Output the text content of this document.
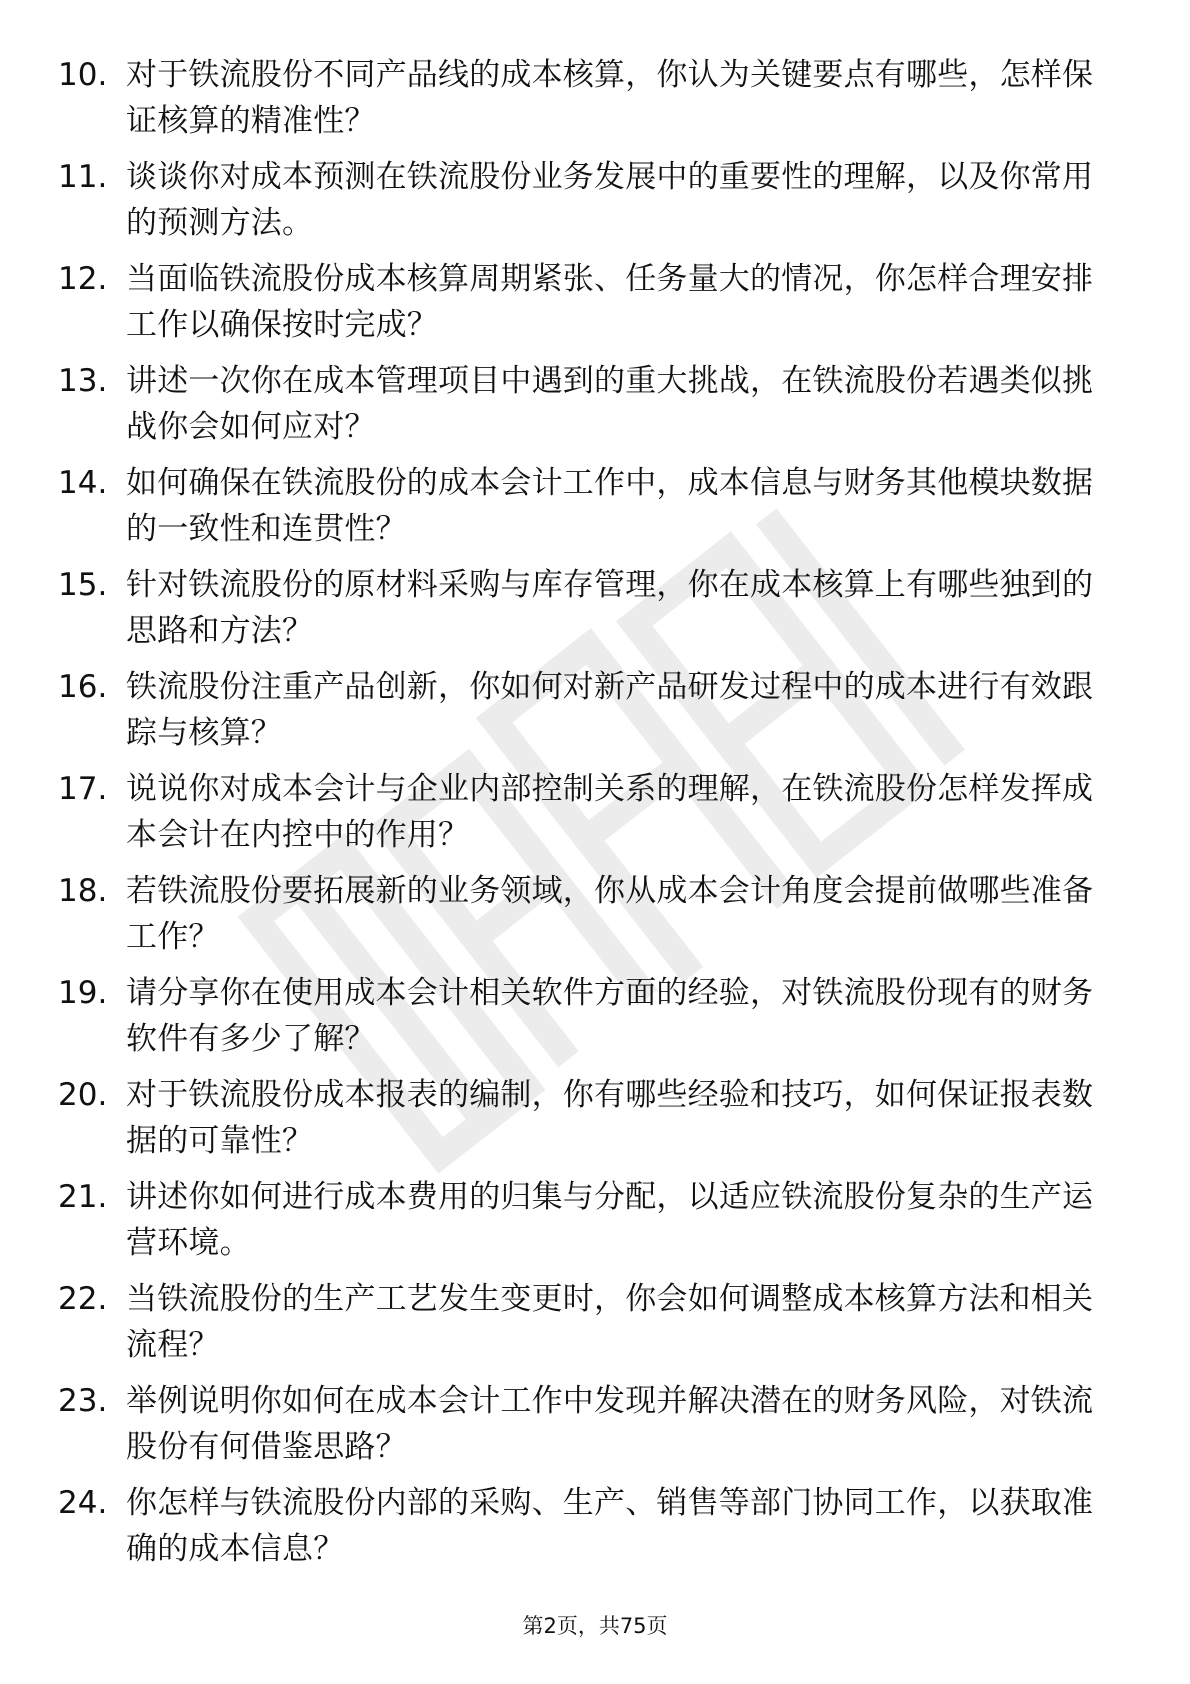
10. 对于铁流股份不同产品线的成本核算，你认为关键要点有哪些，怎样保证核算的精准性？
11. 谈谈你对成本预测在铁流股份业务发展中的重要性的理解，以及你常用的预测方法。
12. 当面临铁流股份成本核算周期紧张、任务量大的情况，你怎样合理安排工作以确保按时完成？
13. 讲述一次你在成本管理项目中遇到的重大挑战，在铁流股份若遇类似挑战你会如何应对？
14. 如何确保在铁流股份的成本会计工作中，成本信息与财务其他模块数据的一致性和连贯性？
15. 针对铁流股份的原材料采购与库存管理，你在成本核算上有哪些独到的思路和方法？
16. 铁流股份注重产品创新，你如何对新产品研发过程中的成本进行有效跟踪与核算？
17. 说说你对成本会计与企业内部控制关系的理解，在铁流股份怎样发挥成本会计在内控中的作用？
18. 若铁流股份要拓展新的业务领域，你从成本会计角度会提前做哪些准备工作？
19. 请分享你在使用成本会计相关软件方面的经验，对铁流股份现有的财务软件有多少了解？
20. 对于铁流股份成本报表的编制，你有哪些经验和技巧，如何保证报表数据的可靠性？
21. 讲述你如何进行成本费用的归集与分配，以适应铁流股份复杂的生产运营环境。
22. 当铁流股份的生产工艺发生变更时，你会如何调整成本核算方法和相关流程？
23. 举例说明你如何在成本会计工作中发现并解决潜在的财务风险，对铁流股份有何借鉴思路？
24. 你怎样与铁流股份内部的采购、生产、销售等部门协同工作，以获取准确的成本信息？
第2页，共75页
